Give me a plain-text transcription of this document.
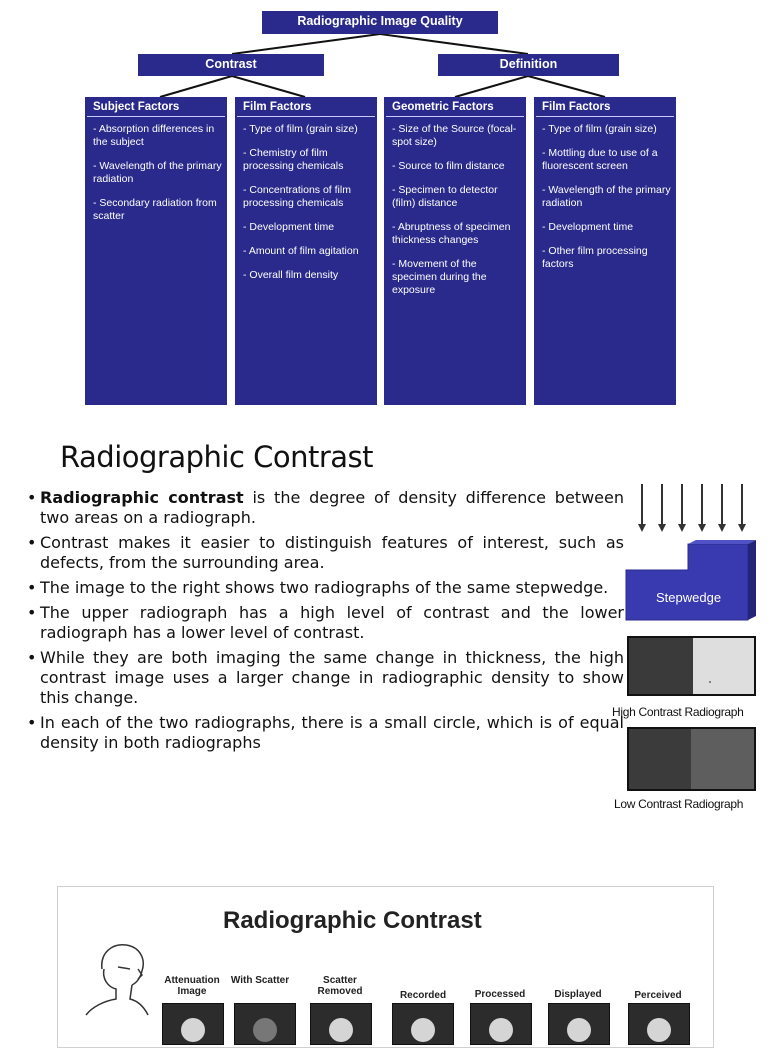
Radiographic Image Quality
Contrast	Definition
Subject Factors
- Absorption differences in the subject
- Wavelength of the primary radiation
- Secondary radiation from scatter
Film Factors
- Type of film (grain size)
- Chemistry of film processing chemicals
- Concentrations of film processing chemicals
- Development time
- Amount of film agitation
- Overall film density
Geometric Factors
- Size of the Source (focal-spot size)
- Source to film distance
- Specimen to detector (film) distance
- Abruptness of specimen thickness changes
- Movement of the specimen during the exposure
Film Factors
- Type of film (grain size)
- Mottling due to use of a fluorescent screen
- Wavelength of the primary radiation
- Development time
- Other film processing factors
Radiographic Contrast
• Radiographic contrast is the degree of density difference between two areas on a radiograph.
• Contrast makes it easier to distinguish features of interest, such as defects, from the surrounding area.
• The image to the right shows two radiographs of the same stepwedge.
• The upper radiograph has a high level of contrast and the lower radiograph has a lower level of contrast.
• While they are both imaging the same change in thickness, the high contrast image uses a larger change in radiographic density to show this change.
• In each of the two radiographs, there is a small circle, which is of equal density in both radiographs
Stepwedge
High Contrast Radiograph
Low Contrast Radiograph
Radiographic Contrast
Attenuation Image
With Scatter	Scatter Removed	Recorded	Processed	Displayed	Perceived
